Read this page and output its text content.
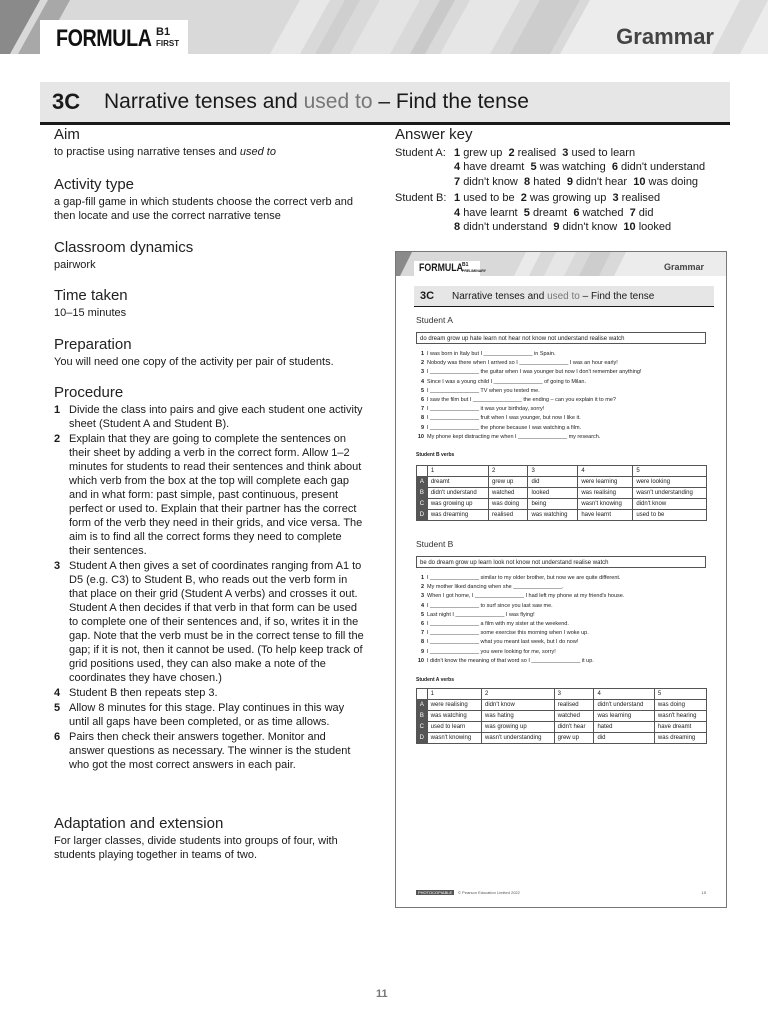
FORMULA B1
FIRST	Grammar
3C Narrative tenses and used to – Find the tense
Aim

to practise using narrative tenses and used to

Activity type

a gap-fill game in which students choose the correct verb and then locate and use the correct narrative tense

Classroom dynamics

pairwork

Time taken

10–15 minutes

Preparation

You will need one copy of the activity per pair of students.

Procedure
1 Divide the class into pairs and give each student one activity sheet (Student A and Student B).
2 Explain that they are going to complete the sentences on their sheet by adding a verb in the correct form. Allow 1–2 minutes for students to read their sentences and think about which verb from the box at the top will complete each gap and in what form: past simple, past continuous, present perfect or used to. Explain that their partner has the correct form of the verb they need in their grids, and vice versa. The aim is to find all the correct forms they need to complete their sentences.
3 Student A then gives a set of coordinates ranging from A1 to D5 (e.g. C3) to Student B, who reads out the verb form in that place on their grid (Student A verbs) and crosses it out. Student A then decides if that verb in that form can be used to complete one of their sentences and, if so, writes it in the gap. Note that the verb must be in the correct tense to fill the gap; if it is not, then it cannot be used. (To help keep track of grid positions used, they can also make a note of the coordinates they have chosen.)
4 Student B then repeats step 3.
5 Allow 8 minutes for this stage. Play continues in this way until all gaps have been completed, or as time allows.
6 Pairs then check their answers together. Monitor and answer questions as necessary. The winner is the student who got the most correct answers in each pair.
Adaptation and extension

For larger classes, divide students into groups of four, with students playing together in teams of two.

Answer key
Student A: 1 grew up 2 realised 3 used to learn
4 have dreamt 5 was watching 6 didn't understand
7 didn't know 8 hated 9 didn't hear 10 was doing
Student B: 1 used to be 2 was growing up 3 realised
4 have learnt 5 dreamt 6 watched 7 did
8 didn't understand 9 didn't know 10 looked
FORMULA B1
PRELIMINARY	Grammar
3C Narrative tenses and used to – Find the tense
Student A
do dream grow up hate learn not hear not know not understand realise watch
1 I was born in Italy but I ________________ in Spain.
2 Nobody was there when I arrived so I ________________ I was an hour early!
3 I ________________ the guitar when I was younger but now I don't remember anything!
4 Since I was a young child I ________________ of going to Milan.
5 I ________________ TV when you texted me.
6 I saw the film but I ________________ the ending – can you explain it to me?
7 I ________________ it was your birthday, sorry!
8 I ________________ fruit when I was younger, but now I like it.
9 I ________________ the phone because I was watching a film.
10 My phone kept distracting me when I ________________ my research.
Student B verbs
	1	2	3	4	5
A	dreamt	grew up	did	were learning	were looking
B	didn't understand	watched	looked	was realising	wasn't understanding
C	was growing up	was doing	being	wasn't knowing	didn't know
D	was dreaming	realised	was watching	have learnt	used to be
Student B
be do dream grow up learn look not know not understand realise watch
1 I ________________ similar to my older brother, but now we are quite different.
2 My mother liked dancing when she ________________.
3 When I got home, I ________________ I had left my phone at my friend's house.
4 I ________________ to surf since you last saw me.
5 Last night I ________________ I was flying!
6 I ________________ a film with my sister at the weekend.
7 I ________________ some exercise this morning when I woke up.
8 I ________________ what you meant last week, but I do now!
9 I ________________ you were looking for me, sorry!
10 I didn't know the meaning of that word so I ________________ it up.
Student A verbs
	1	2	3	4	5
A	were realising	didn't know	realised	didn't understand	was doing
B	was watching	was hating	watched	was learning	wasn't hearing
C	used to learn	was growing up	didn't hear	hated	have dreamt
D	wasn't knowing	wasn't understanding	grew up	did	was dreaming
PHOTOCOPIABLE	© Pearson Education Limited 2022	15
11
